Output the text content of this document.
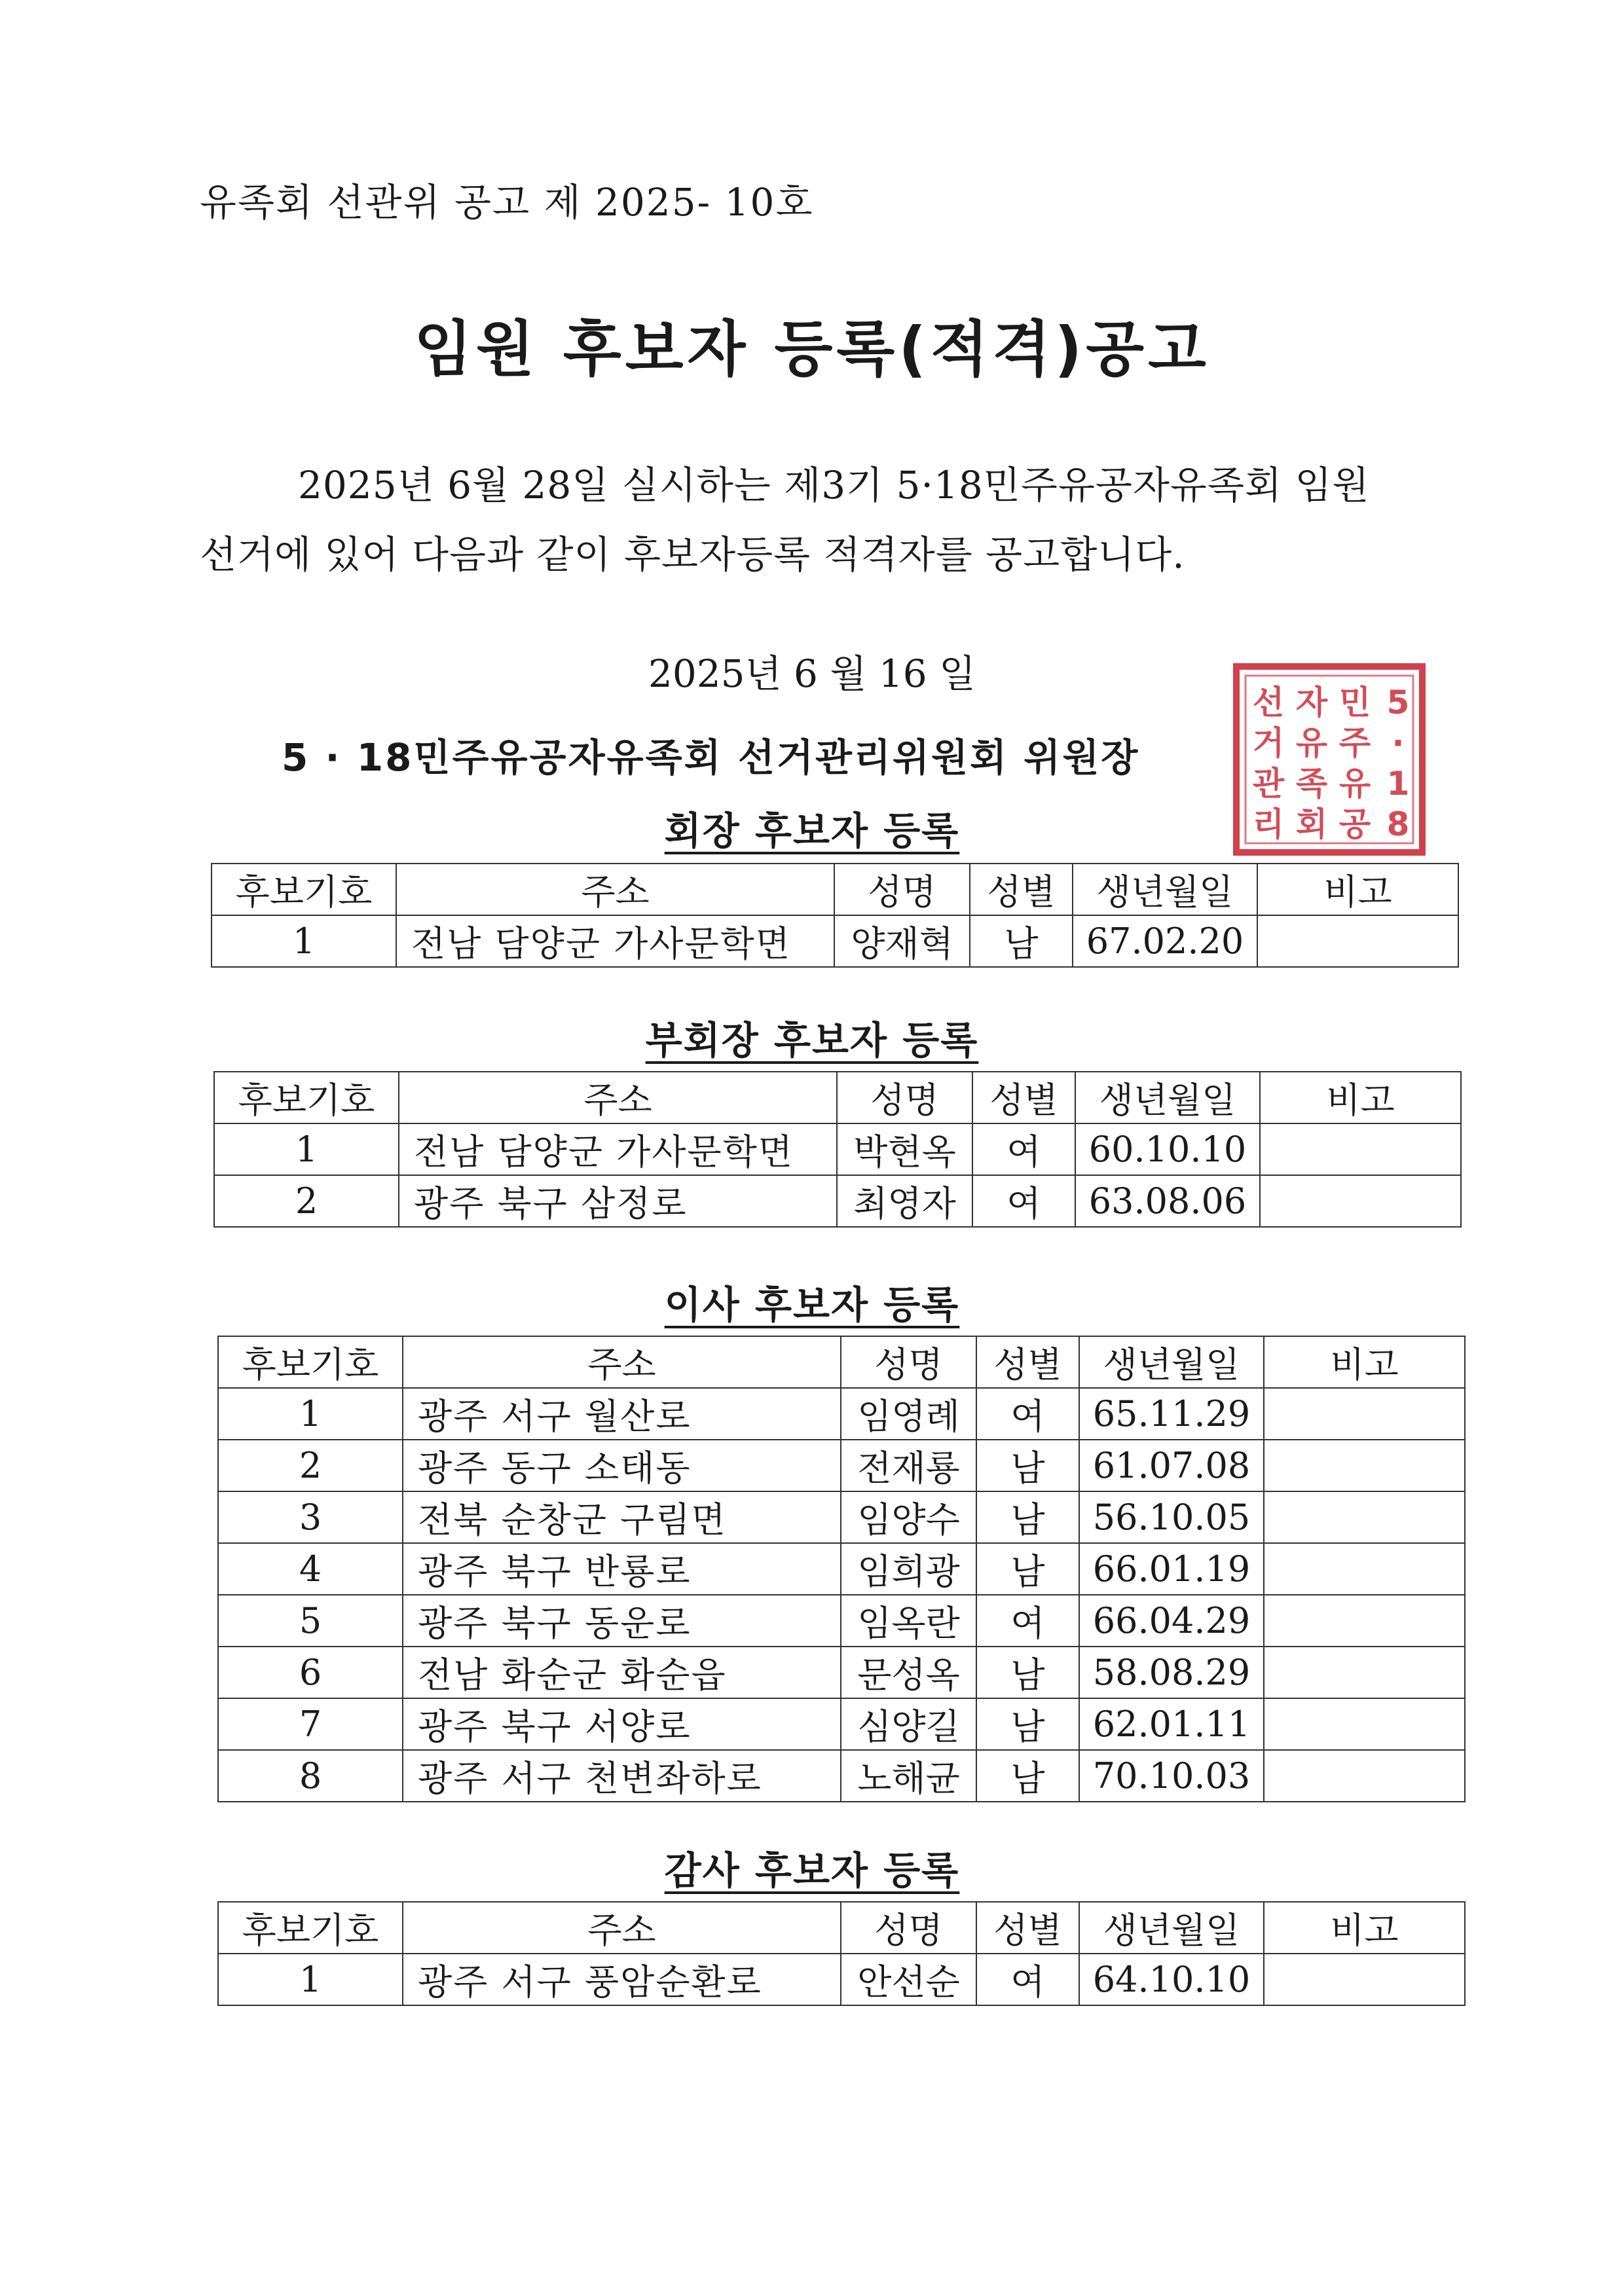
유족회 선관위 공고 제 2025- 10호
임원 후보자 등록(적격)공고
2025년 6월 28일 실시하는 제3기 5·18민주유공자유족회 임원
선거에 있어 다음과 같이 후보자등록 적격자를 공고합니다.
2025년 6 월 16 일
5 · 18민주유공자유족회 선거관리위원회 위원장
5
·
1
8
민
주
유
공
자
유
족
회
선
거
관
리
회장 후보자 등록
후보기호	주소	성명	성별	생년월일	비고
1	전남 담양군 가사문학면	양재혁	남	67.02.20	
부회장 후보자 등록
후보기호	주소	성명	성별	생년월일	비고
1	전남 담양군 가사문학면	박현옥	여	60.10.10	
2	광주 북구 삼정로	최영자	여	63.08.06	
이사 후보자 등록
후보기호	주소	성명	성별	생년월일	비고
1	광주 서구 월산로	임영례	여	65.11.29	
2	광주 동구 소태동	전재룡	남	61.07.08	
3	전북 순창군 구림면	임양수	남	56.10.05	
4	광주 북구 반룡로	임희광	남	66.01.19	
5	광주 북구 동운로	임옥란	여	66.04.29	
6	전남 화순군 화순읍	문성옥	남	58.08.29	
7	광주 북구 서양로	심양길	남	62.01.11	
8	광주 서구 천변좌하로	노해균	남	70.10.03	
감사 후보자 등록
후보기호	주소	성명	성별	생년월일	비고
1	광주 서구 풍암순환로	안선순	여	64.10.10	
